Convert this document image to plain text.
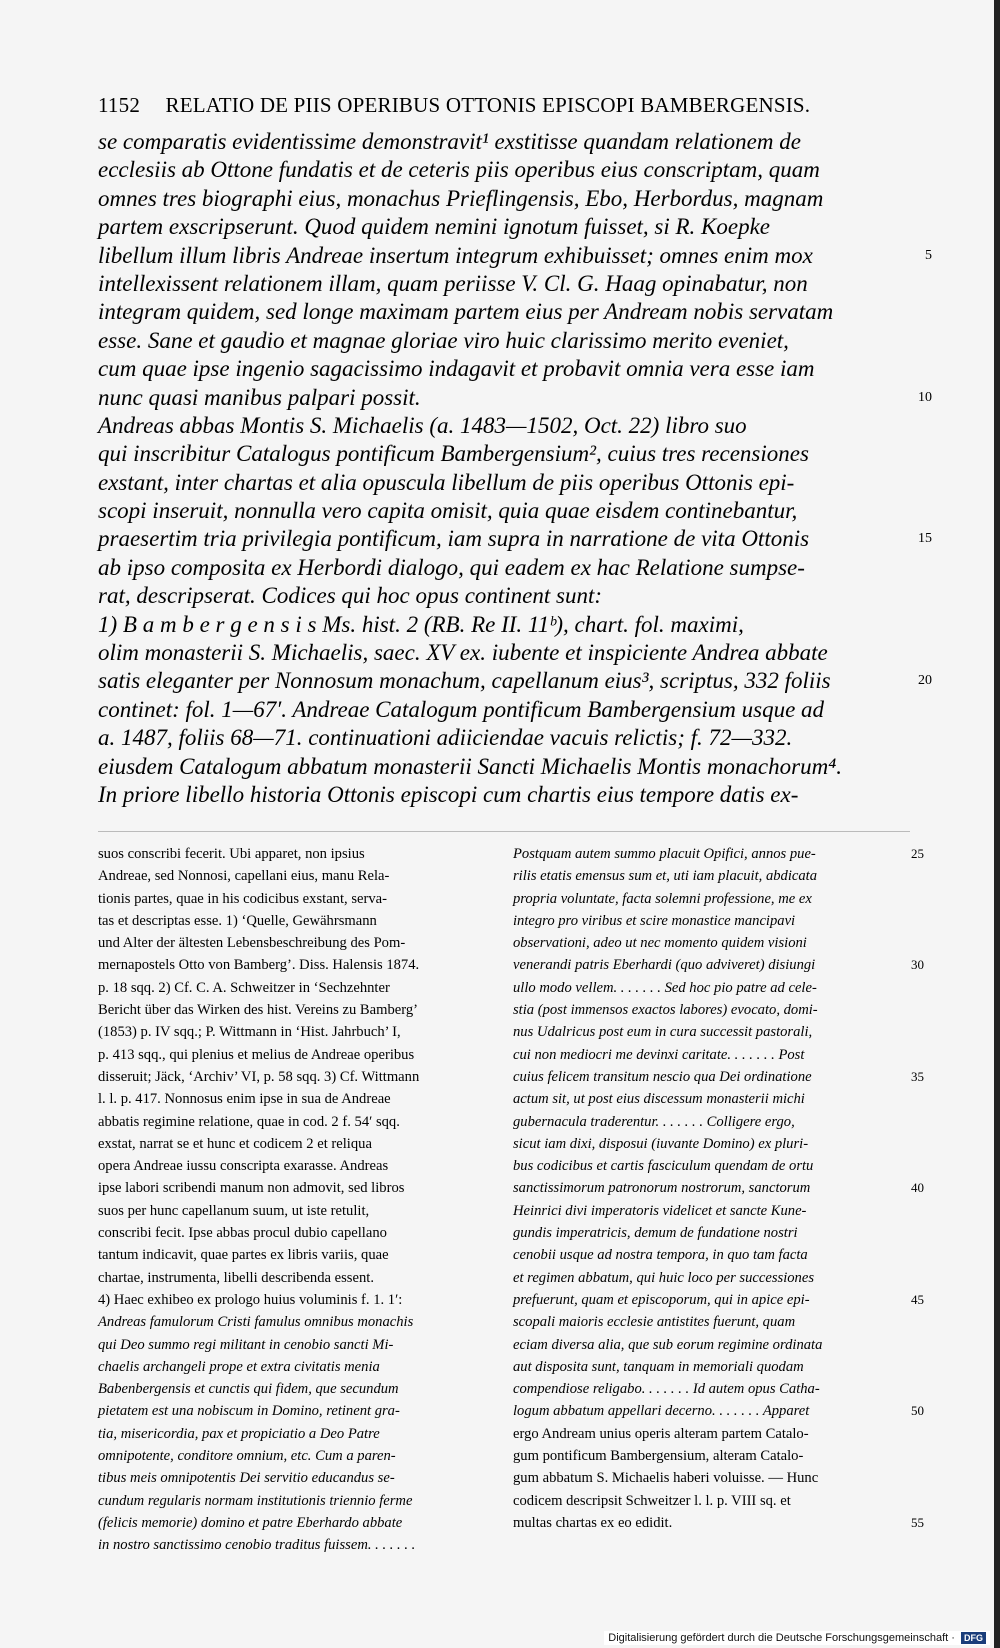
1152 RELATIO DE PIIS OPERIBUS OTTONIS EPISCOPI BAMBERGENSIS.
se comparatis evidentissime demonstravit¹ exstitisse quandam relationem de
ecclesiis ab Ottone fundatis et de ceteris piis operibus eius conscriptam, quam
omnes tres biographi eius, monachus Prieflingensis, Ebo, Herbordus, magnam
partem exscripserunt. Quod quidem nemini ignotum fuisset, si R. Koepke
libellum illum libris Andreae insertum integrum exhibuisset; omnes enim mox	5
intellexissent relationem illam, quam periisse V. Cl. G. Haag opinabatur, non
integram quidem, sed longe maximam partem eius per Andream nobis servatam
esse. Sane et gaudio et magnae gloriae viro huic clarissimo merito eveniet,
cum quae ipse ingenio sagacissimo indagavit et probavit omnia vera esse iam
nunc quasi manibus palpari possit.	10
Andreas abbas Montis S. Michaelis (a. 1483—1502, Oct. 22) libro suo
qui inscribitur Catalogus pontificum Bambergensium², cuius tres recensiones
exstant, inter chartas et alia opuscula libellum de piis operibus Ottonis epi-
scopi inseruit, nonnulla vero capita omisit, quia quae eisdem continebantur,
praesertim tria privilegia pontificum, iam supra in narratione de vita Ottonis	15
ab ipso composita ex Herbordi dialogo, qui eadem ex hac Relatione sumpse-
rat, descripserat. Codices qui hoc opus continent sunt:
1) B a m b e r g e n s i s Ms. hist. 2 (RB. Re II. 11ᵇ), chart. fol. maximi,
olim monasterii S. Michaelis, saec. XV ex. iubente et inspiciente Andrea abbate
satis eleganter per Nonnosum monachum, capellanum eius³, scriptus, 332 foliis	20
continet: fol. 1—67′. Andreae Catalogum pontificum Bambergensium usque ad
a. 1487, foliis 68—71. continuationi adiiciendae vacuis relictis; f. 72—332.
eiusdem Catalogum abbatum monasterii Sancti Michaelis Montis monachorum⁴.
In priore libello historia Ottonis episcopi cum chartis eius tempore datis ex-
suos conscribi fecerit. Ubi apparet, non ipsius
Andreae, sed Nonnosi, capellani eius, manu Rela-
tionis partes, quae in his codicibus exstant, serva-
tas et descriptas esse. 1) ‘Quelle, Gewährsmann
und Alter der ältesten Lebensbeschreibung des Pom-
mernapostels Otto von Bamberg’. Diss. Halensis 1874.
p. 18 sqq. 2) Cf. C. A. Schweitzer in ‘Sechzehnter
Bericht über das Wirken des hist. Vereins zu Bamberg’
(1853) p. IV sqq.; P. Wittmann in ‘Hist. Jahrbuch’ I,
p. 413 sqq., qui plenius et melius de Andreae operibus
disseruit; Jäck, ‘Archiv’ VI, p. 58 sqq. 3) Cf. Wittmann
l. l. p. 417. Nonnosus enim ipse in sua de Andreae
abbatis regimine relatione, quae in cod. 2 f. 54′ sqq.
exstat, narrat se et hunc et codicem 2 et reliqua
opera Andreae iussu conscripta exarasse. Andreas
ipse labori scribendi manum non admovit, sed libros
suos per hunc capellanum suum, ut iste retulit,
conscribi fecit. Ipse abbas procul dubio capellano
tantum indicavit, quae partes ex libris variis, quae
chartae, instrumenta, libelli describenda essent.
4) Haec exhibeo ex prologo huius voluminis f. 1. 1′:
Andreas famulorum Cristi famulus omnibus monachis
qui Deo summo regi militant in cenobio sancti Mi-
chaelis archangeli prope et extra civitatis menia
Babenbergensis et cunctis qui fidem, que secundum
pietatem est una nobiscum in Domino, retinent gra-
tia, misericordia, pax et propiciatio a Deo Patre
omnipotente, conditore omnium, etc. Cum a paren-
tibus meis omnipotentis Dei servitio educandus se-
cundum regularis normam institutionis triennio ferme
(felicis memorie) domino et patre Eberhardo abbate
in nostro sanctissimo cenobio traditus fuissem. . . . . . .
Postquam autem summo placuit Opifici, annos pue-	25
rilis etatis emensus sum et, uti iam placuit, abdicata
propria voluntate, facta solemni professione, me ex
integro pro viribus et scire monastice mancipavi
observationi, adeo ut nec momento quidem visioni
venerandi patris Eberhardi (quo adviveret) disiungi	30
ullo modo vellem. . . . . . . Sed hoc pio patre ad cele-
stia (post immensos exactos labores) evocato, domi-
nus Udalricus post eum in cura successit pastorali,
cui non mediocri me devinxi caritate. . . . . . . Post
cuius felicem transitum nescio qua Dei ordinatione	35
actum sit, ut post eius discessum monasterii michi
gubernacula traderentur. . . . . . . Colligere ergo,
sicut iam dixi, disposui (iuvante Domino) ex pluri-
bus codicibus et cartis fasciculum quendam de ortu
sanctissimorum patronorum nostrorum, sanctorum	40
Heinrici divi imperatoris videlicet et sancte Kune-
gundis imperatricis, demum de fundatione nostri
cenobii usque ad nostra tempora, in quo tam facta
et regimen abbatum, qui huic loco per successiones
prefuerunt, quam et episcoporum, qui in apice epi-	45
scopali maioris ecclesie antistites fuerunt, quam
eciam diversa alia, que sub eorum regimine ordinata
aut disposita sunt, tanquam in memoriali quodam
compendiose religabo. . . . . . . Id autem opus Catha-
logum abbatum appellari decerno. . . . . . . Apparet	50
ergo Andream unius operis alteram partem Catalo-
gum pontificum Bambergensium, alteram Catalo-
gum abbatum S. Michaelis haberi voluisse. — Hunc
codicem descripsit Schweitzer l. l. p. VIII sq. et
multas chartas ex eo edidit.	55
Digitalisierung gefördert durch die Deutsche Forschungsgemeinschaft · DFG
